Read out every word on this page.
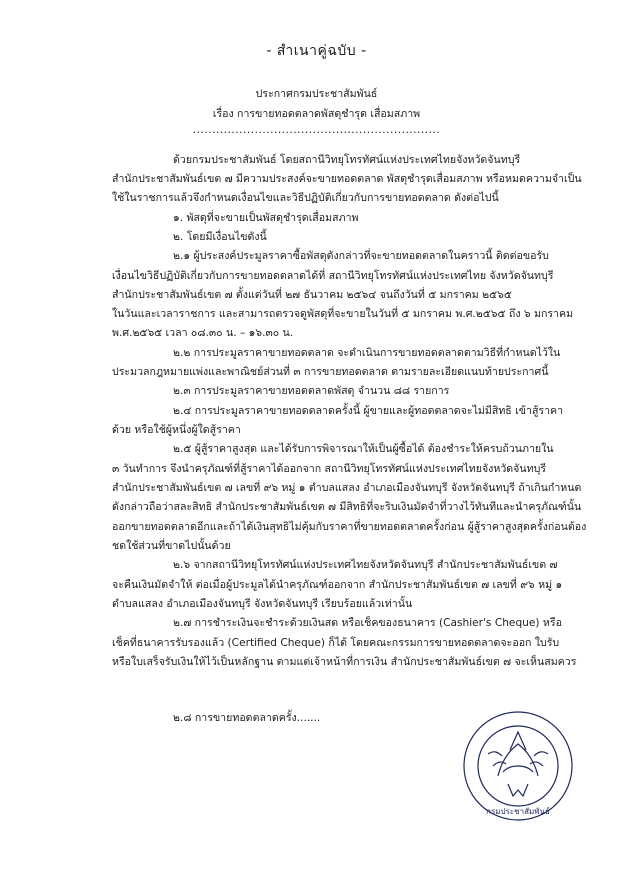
- สำเนาคู่ฉบับ -
ประกาศกรมประชาสัมพันธ์
เรื่อง การขายทอดตลาดพัสดุชำรุด เสื่อมสภาพ
................................................................
ด้วยกรมประชาสัมพันธ์ โดยสถานีวิทยุโทรทัศน์แห่งประเทศไทยจังหวัดจันทบุรี
สำนักประชาสัมพันธ์เขต ๗ มีความประสงค์จะขายทอดตลาด พัสดุชำรุดเสื่อมสภาพ หรือหมดความจำเป็น
ใช้ในราชการแล้วจึงกำหนดเงื่อนไขและวิธีปฏิบัติเกี่ยวกับการขายทอดตลาด ดังต่อไปนี้
๑. พัสดุที่จะขายเป็นพัสดุชำรุดเสื่อมสภาพ
๒. โดยมีเงื่อนไขดังนี้
๒.๑ ผู้ประสงค์ประมูลราคาซื้อพัสดุดังกล่าวที่จะขายทอดตลาดในคราวนี้ ติดต่อขอรับ
เงื่อนไขวิธีปฏิบัติเกี่ยวกับการขายทอดตลาดได้ที่ สถานีวิทยุโทรทัศน์แห่งประเทศไทย จังหวัดจันทบุรี
สำนักประชาสัมพันธ์เขต ๗ ตั้งแต่วันที่ ๒๗ ธันวาคม ๒๕๖๔ จนถึงวันที่ ๕ มกราคม ๒๕๖๕
ในวันและเวลาราชการ และสามารถตรวจดูพัสดุที่จะขายในวันที่ ๕ มกราคม พ.ศ.๒๕๖๕ ถึง ๖ มกราคม
พ.ศ.๒๕๖๕ เวลา ๐๘.๓๐ น. – ๑๖.๓๐ น.
๒.๒ การประมูลราคาขายทอดตลาด จะดำเนินการขายทอดตลาดตามวิธีที่กำหนดไว้ใน
ประมวลกฎหมายแพ่งและพาณิชย์ส่วนที่ ๓ การขายทอดตลาด ตามรายละเอียดแนบท้ายประกาศนี้
๒.๓ การประมูลราคาขายทอดตลาดพัสดุ จำนวน ๘๘ รายการ
๒.๔ การประมูลราคาขายทอดตลาดครั้งนี้ ผู้ขายและผู้ทอดตลาดจะไม่มีสิทธิ เข้าสู้ราคา
ด้วย หรือใช้ผู้หนึ่งผู้ใดสู้ราคา
๒.๕ ผู้สู้ราคาสูงสุด และได้รับการพิจารณาให้เป็นผู้ซื้อได้ ต้องชำระให้ครบถ้วนภายใน
๓ วันทำการ จึงนำครุภัณฑ์ที่สู้ราคาได้ออกจาก สถานีวิทยุโทรทัศน์แห่งประเทศไทยจังหวัดจันทบุรี
สำนักประชาสัมพันธ์เขต ๗ เลขที่ ๙๖ หมู่ ๑ ตำบลแสลง อำเภอเมืองจันทบุรี จังหวัดจันทบุรี ถ้าเกินกำหนด
ดังกล่าวถือว่าสละสิทธิ สำนักประชาสัมพันธ์เขต ๗ มีสิทธิที่จะริบเงินมัดจำที่วางไว้ทันทีและนำครุภัณฑ์นั้น
ออกขายทอดตลาดอีกและถ้าได้เงินสุทธิไม่คุ้มกับราคาที่ขายทอดตลาดครั้งก่อน ผู้สู้ราคาสูงสุดครั้งก่อนต้อง
ชดใช้ส่วนที่ขาดไปนั้นด้วย
๒.๖ จากสถานีวิทยุโทรทัศน์แห่งประเทศไทยจังหวัดจันทบุรี สำนักประชาสัมพันธ์เขต ๗
จะคืนเงินมัดจำให้ ต่อเมื่อผู้ประมูลได้นำครุภัณฑ์ออกจาก สำนักประชาสัมพันธ์เขต ๗ เลขที่ ๙๖ หมู่ ๑
ตำบลแสลง อำเภอเมืองจันทบุรี จังหวัดจันทบุรี เรียบร้อยแล้วเท่านั้น
๒.๗ การชำระเงินจะชำระด้วยเงินสด หรือเช็คของธนาคาร (Cashier's Cheque) หรือ
เช็คที่ธนาคารรับรองแล้ว (Certified Cheque) ก็ได้ โดยคณะกรรมการขายทอดตลาดจะออก ใบรับ
หรือใบเสร็จรับเงินให้ไว้เป็นหลักฐาน ตามแต่เจ้าหน้าที่การเงิน สำนักประชาสัมพันธ์เขต ๗ จะเห็นสมควร
๒.๘ การขายทอดตลาดครั้ง.......
กรมประชาสัมพันธ์
